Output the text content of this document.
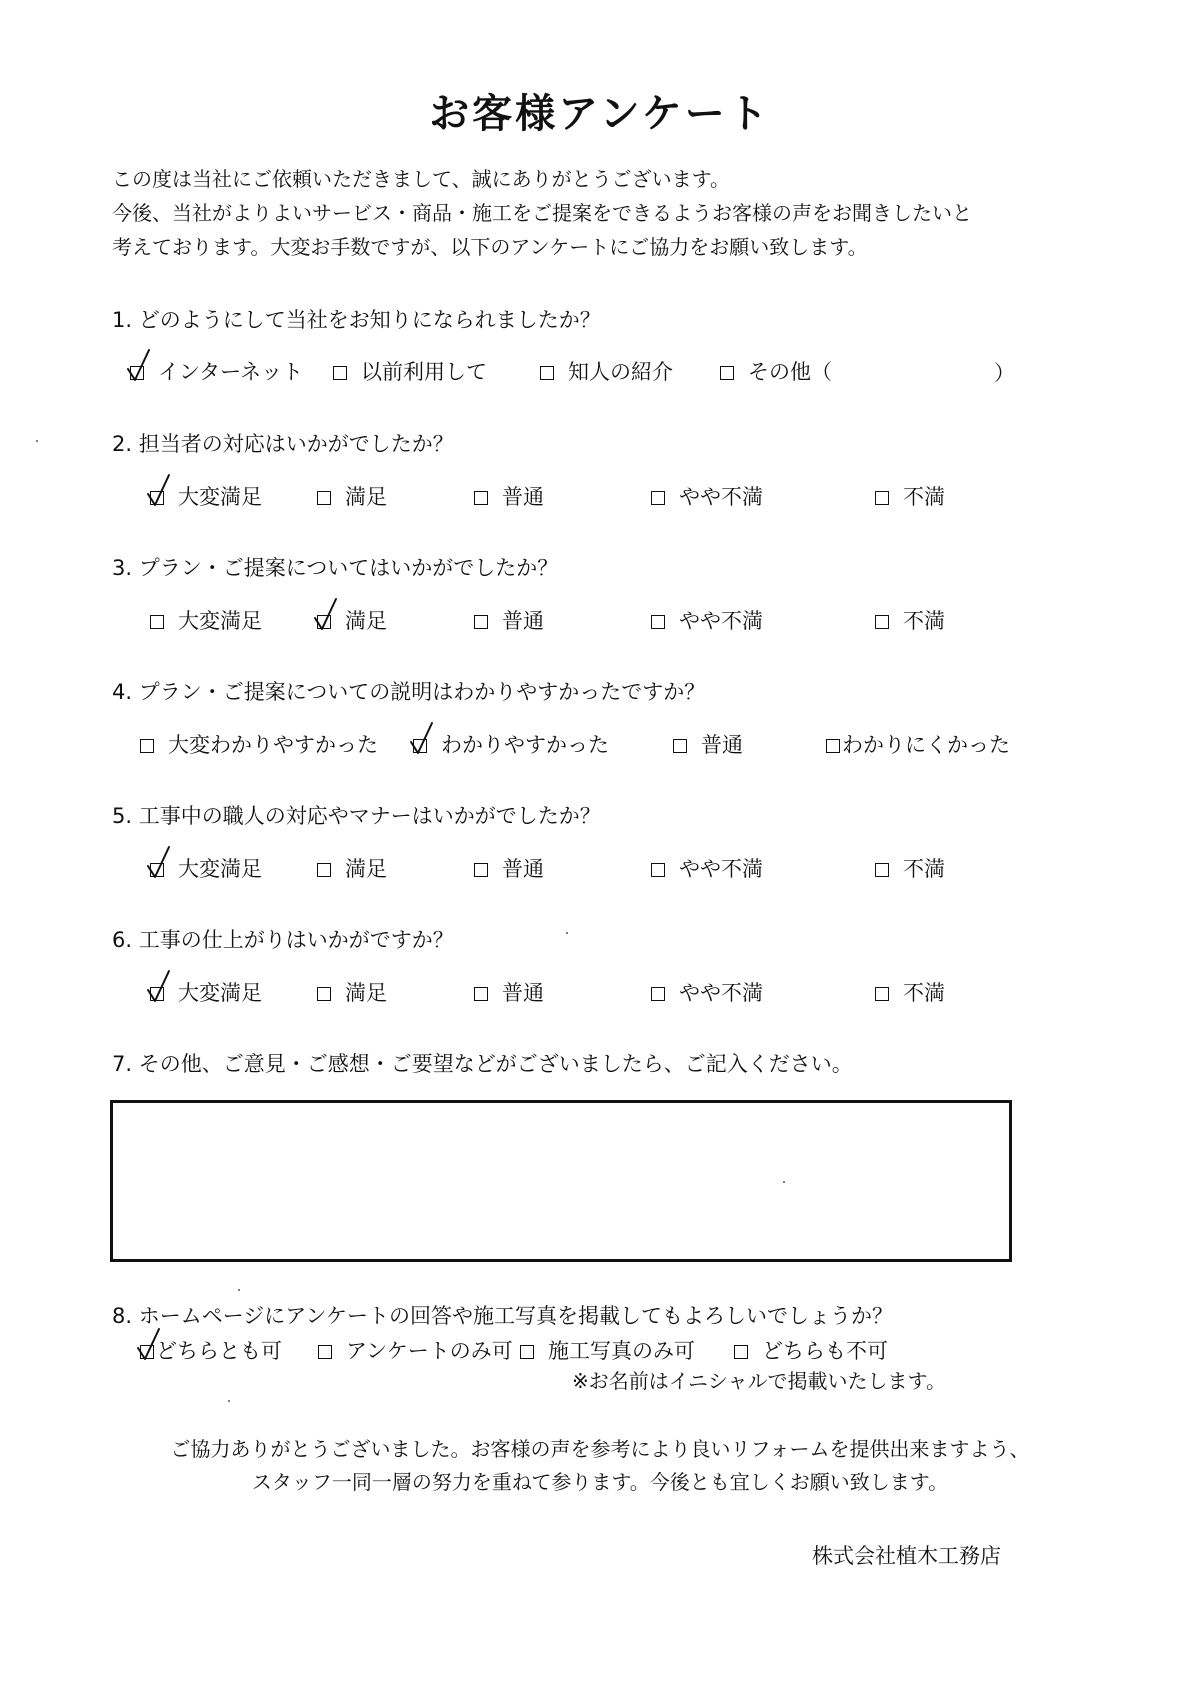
お客様アンケート
この度は当社にご依頼いただきまして、誠にありがとうございます。
今後、当社がよりよいサービス・商品・施工をご提案をできるようお客様の声をお聞きしたいと
考えております。大変お手数ですが、以下のアンケートにご協力をお願い致します。
1. どのようにして当社をお知りになられましたか？
インターネット	以前利用して	知人の紹介	その他（	）
2. 担当者の対応はいかがでしたか？
大変満足	満足	普通	やや不満	不満
3. プラン・ご提案についてはいかがでしたか？
大変満足	満足	普通	やや不満	不満
4. プラン・ご提案についての説明はわかりやすかったですか？
大変わかりやすかった	わかりやすかった	普通	わかりにくかった
5. 工事中の職人の対応やマナーはいかがでしたか？
大変満足	満足	普通	やや不満	不満
6. 工事の仕上がりはいかがですか？
大変満足	満足	普通	やや不満	不満
7. その他、ご意見・ご感想・ご要望などがございましたら、ご記入ください。
8. ホームページにアンケートの回答や施工写真を掲載してもよろしいでしょうか？
どちらとも可	アンケートのみ可	施工写真のみ可	どちらも不可
※お名前はイニシャルで掲載いたします。
ご協力ありがとうございました。お客様の声を参考により良いリフォームを提供出来ますよう、
スタッフ一同一層の努力を重ねて参ります。今後とも宜しくお願い致します。
株式会社植木工務店
